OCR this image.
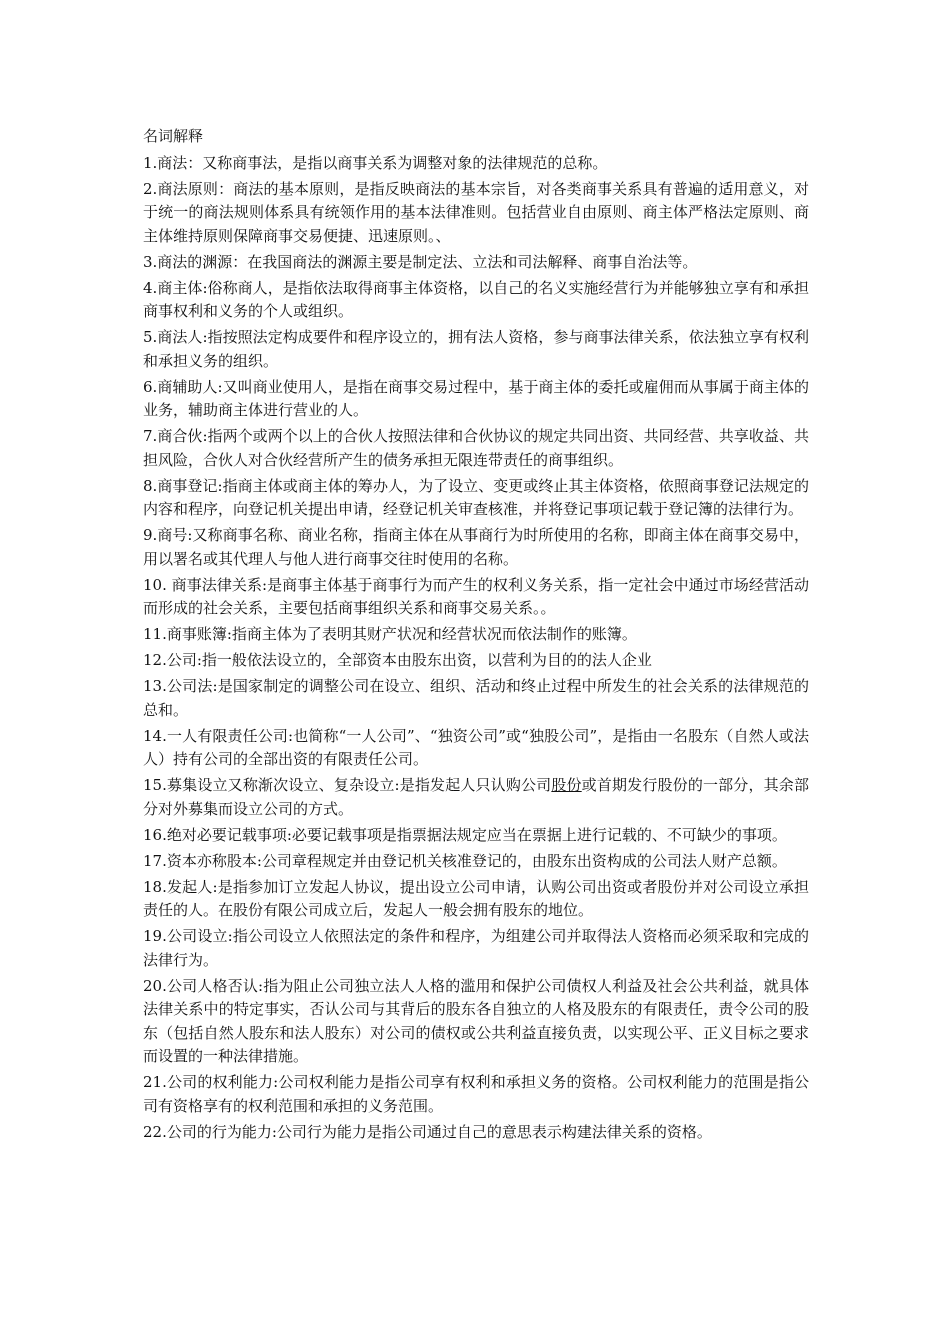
名词解释

1.商法：又称商事法，是指以商事关系为调整对象的法律规范的总称。

2.商法原则：商法的基本原则，是指反映商法的基本宗旨，对各类商事关系具有普遍的适用意义，对于统一的商法规则体系具有统领作用的基本法律准则。包括营业自由原则、商主体严格法定原则、商主体维持原则保障商事交易便捷、迅速原则。、

3.商法的渊源：在我国商法的渊源主要是制定法、立法和司法解释、商事自治法等。

4.商主体:俗称商人，是指依法取得商事主体资格，以自己的名义实施经营行为并能够独立享有和承担商事权利和义务的个人或组织。

5.商法人:指按照法定构成要件和程序设立的，拥有法人资格，参与商事法律关系，依法独立享有权利和承担义务的组织。

6.商辅助人:又叫商业使用人，是指在商事交易过程中，基于商主体的委托或雇佣而从事属于商主体的业务，辅助商主体进行营业的人。

7.商合伙:指两个或两个以上的合伙人按照法律和合伙协议的规定共同出资、共同经营、共享收益、共担风险，合伙人对合伙经营所产生的债务承担无限连带责任的商事组织。

8.商事登记:指商主体或商主体的筹办人，为了设立、变更或终止其主体资格，依照商事登记法规定的内容和程序，向登记机关提出申请，经登记机关审查核准，并将登记事项记载于登记簿的法律行为。

9.商号:又称商事名称、商业名称，指商主体在从事商行为时所使用的名称，即商主体在商事交易中，用以署名或其代理人与他人进行商事交往时使用的名称。

10. 商事法律关系:是商事主体基于商事行为而产生的权利义务关系，指一定社会中通过市场经营活动而形成的社会关系，主要包括商事组织关系和商事交易关系。。

11.商事账簿:指商主体为了表明其财产状况和经营状况而依法制作的账簿。

12.公司:指一般依法设立的，全部资本由股东出资，以营利为目的的法人企业

13.公司法:是国家制定的调整公司在设立、组织、活动和终止过程中所发生的社会关系的法律规范的总和。

14.一人有限责任公司:也简称“一人公司”、“独资公司”或“独股公司”，是指由一名股东（自然人或法人）持有公司的全部出资的有限责任公司。

15.募集设立又称渐次设立、复杂设立:是指发起人只认购公司股份或首期发行股份的一部分，其余部分对外募集而设立公司的方式。

16.绝对必要记载事项:必要记载事项是指票据法规定应当在票据上进行记载的、不可缺少的事项。

17.资本亦称股本:公司章程规定并由登记机关核准登记的，由股东出资构成的公司法人财产总额。

18.发起人:是指参加订立发起人协议，提出设立公司申请，认购公司出资或者股份并对公司设立承担责任的人。在股份有限公司成立后，发起人一般会拥有股东的地位。

19.公司设立:指公司设立人依照法定的条件和程序，为组建公司并取得法人资格而必须采取和完成的法律行为。

20.公司人格否认:指为阻止公司独立法人人格的滥用和保护公司债权人利益及社会公共利益，就具体法律关系中的特定事实，否认公司与其背后的股东各自独立的人格及股东的有限责任，责令公司的股东（包括自然人股东和法人股东）对公司的债权或公共利益直接负责，以实现公平、正义目标之要求而设置的一种法律措施。

21.公司的权利能力:公司权利能力是指公司享有权利和承担义务的资格。公司权利能力的范围是指公司有资格享有的权利范围和承担的义务范围。

22.公司的行为能力:公司行为能力是指公司通过自己的意思表示构建法律关系的资格。
